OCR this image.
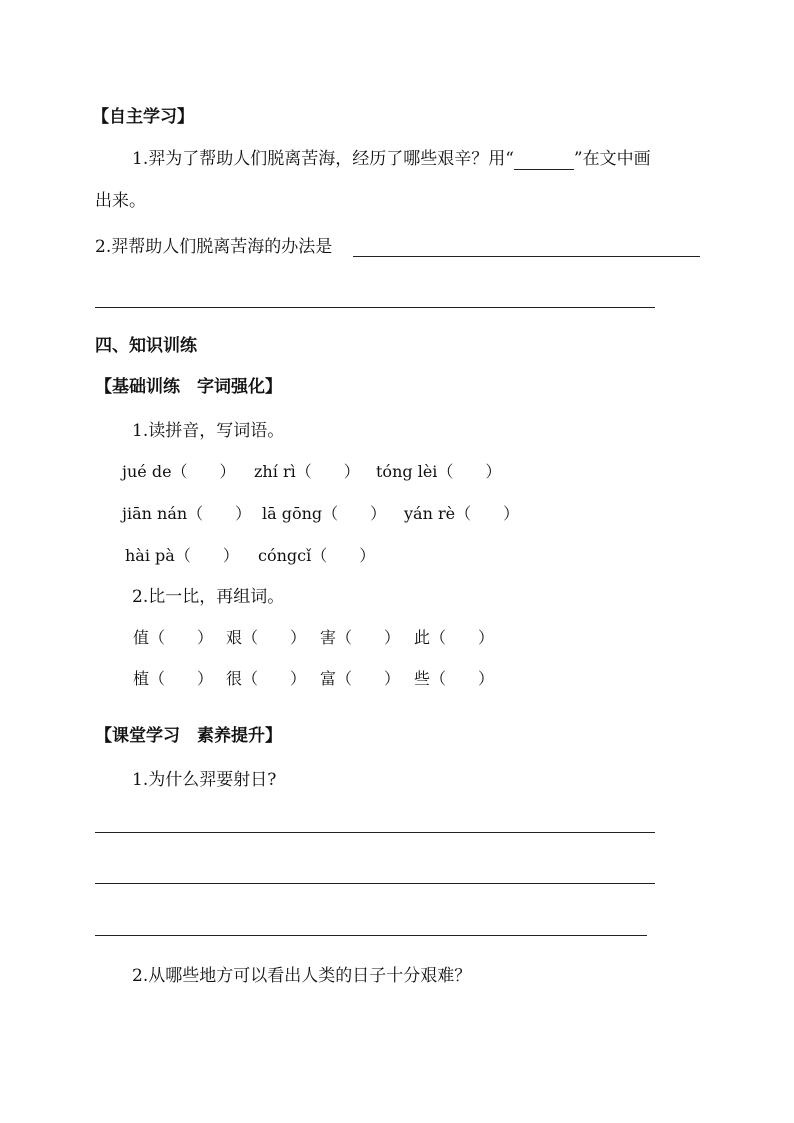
【自主学习】
1.羿为了帮助人们脱离苦海，经历了哪些艰辛？用“	”在文中画
出来。
2.羿帮助人们脱离苦海的办法是
四、知识训练
【基础训练　字词强化】
1.读拼音，写词语。
jué de（　　） zhí rì（　　） tóng lèi（　　）
jiān nán（　　） lā gōng（　　） yán rè（　　）
hài pà（　　） cóngcǐ（　　）
2.比一比，再组词。
值（　　） 艰（　　） 害（　　） 此（　　）
植（　　） 很（　　） 富（　　） 些（　　）
【课堂学习　素养提升】
1.为什么羿要射日?
2.从哪些地方可以看出人类的日子十分艰难？
